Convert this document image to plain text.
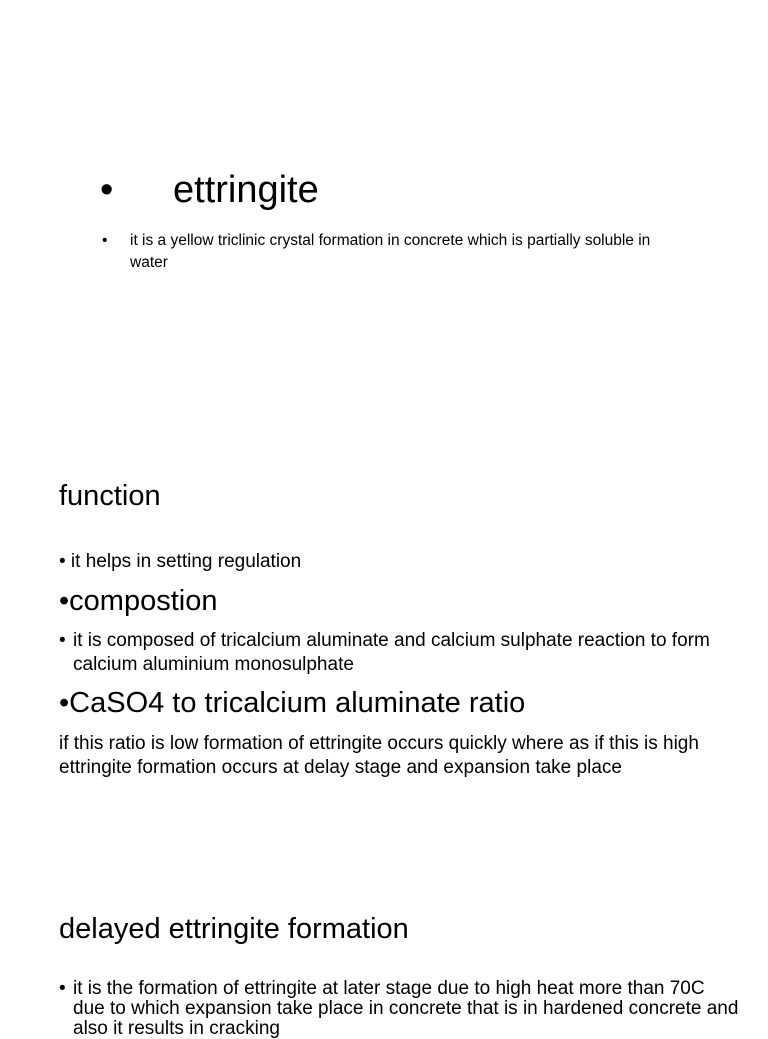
• ettringite
•	it is a yellow triclinic crystal formation in concrete which is partially soluble in water
function
• it helps in setting regulation
•compostion
• it is composed of tricalcium aluminate and calcium sulphate reaction to form calcium aluminium monosulphate
•CaSO4 to tricalcium aluminate ratio
if this ratio is low formation of ettringite occurs quickly where as if this is high ettringite formation occurs at delay stage and expansion take place
delayed ettringite formation
• it is the formation of ettringite at later stage due to high heat more than 70C due to which expansion take place in concrete that is in hardened concrete and also it results in cracking
